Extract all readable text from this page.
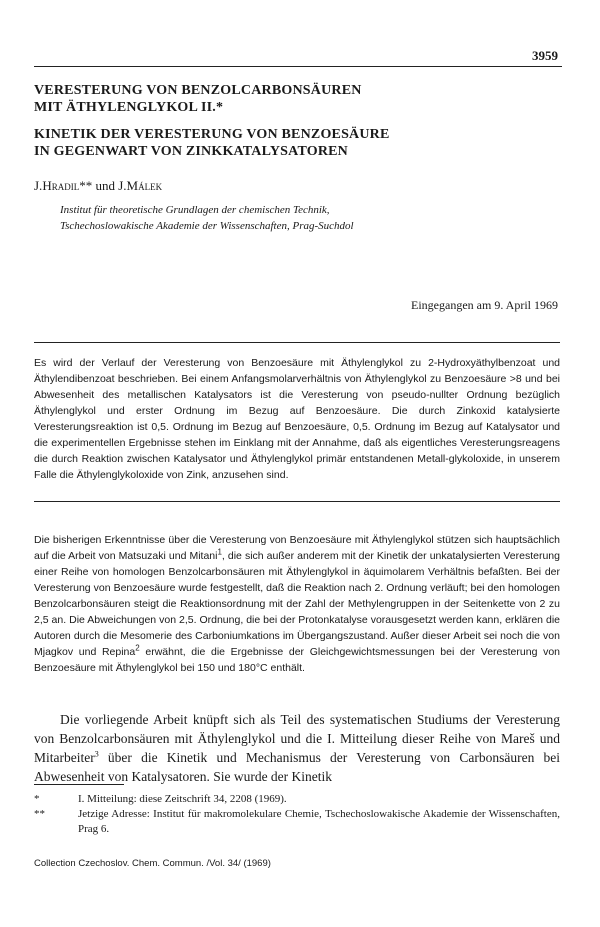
3959
VERESTERUNG VON BENZOLCARBONSÄUREN
MIT ÄTHYLENGLYKOL II.*
KINETIK DER VERESTERUNG VON BENZOESÄURE
IN GEGENWART VON ZINKKATALYSATOREN
J.Hradil** und J.Málek
Institut für theoretische Grundlagen der chemischen Technik,
Tschechoslowakische Akademie der Wissenschaften, Prag-Suchdol
Eingegangen am 9. April 1969
Es wird der Verlauf der Veresterung von Benzoesäure mit Äthylenglykol zu 2-Hydroxyäthylbenzoat und Äthylendibenzoat beschrieben. Bei einem Anfangsmolarverhältnis von Äthylenglykol zu Benzoesäure >8 und bei Abwesenheit des metallischen Katalysators ist die Veresterung von pseudo-nullter Ordnung bezüglich Äthylenglykol und erster Ordnung im Bezug auf Benzoesäure. Die durch Zinkoxid katalysierte Veresterungsreaktion ist 0,5. Ordnung im Bezug auf Benzoesäure, 0,5. Ordnung im Bezug auf Katalysator und die experimentellen Ergebnisse stehen im Einklang mit der Annahme, daß als eigentliches Veresterungsreagens die durch Reaktion zwischen Katalysator und Äthylenglykol primär entstandenen Metall-glykoloxide, in unserem Falle die Äthylenglykoloxide von Zink, anzusehen sind.
Die bisherigen Erkenntnisse über die Veresterung von Benzoesäure mit Äthylenglykol stützen sich hauptsächlich auf die Arbeit von Matsuzaki und Mitani$^1$, die sich außer anderem mit der Kinetik der unkatalysierten Veresterung einer Reihe von homologen Benzolcarbonsäuren mit Äthylenglykol in äquimolarem Verhältnis befaßten. Bei der Veresterung von Benzoesäure wurde festgestellt, daß die Reaktion nach 2. Ordnung verläuft; bei den homologen Benzolcarbonsäuren steigt die Reaktionsordnung mit der Zahl der Methylengruppen in der Seitenkette von 2 zu 2,5 an. Die Abweichungen von 2,5. Ordnung, die bei der Protonkatalyse vorausgesetzt werden kann, erklären die Autoren durch die Mesomerie des Carboniumkations im Übergangszustand. Außer dieser Arbeit sei noch die von Mjagkov und Repina$^2$ erwähnt, die die Ergebnisse der Gleichgewichtsmessungen bei der Veresterung von Benzoesäure mit Äthylenglykol bei 150 und 180°C enthält.
Die vorliegende Arbeit knüpft sich als Teil des systematischen Studiums der Veresterung von Benzolcarbonsäuren mit Äthylenglykol und die I. Mitteilung dieser Reihe von Mareš und Mitarbeiter$^3$ über die Kinetik und Mechanismus der Veresterung von Carbonsäuren bei Abwesenheit von Katalysatoren. Sie wurde der Kinetik
*	I. Mitteilung: diese Zeitschrift 34, 2208 (1969).
**	Jetzige Adresse: Institut für makromolekulare Chemie, Tschechoslowakische Akademie der Wissenschaften, Prag 6.
Collection Czechoslov. Chem. Commun. /Vol. 34/ (1969)
